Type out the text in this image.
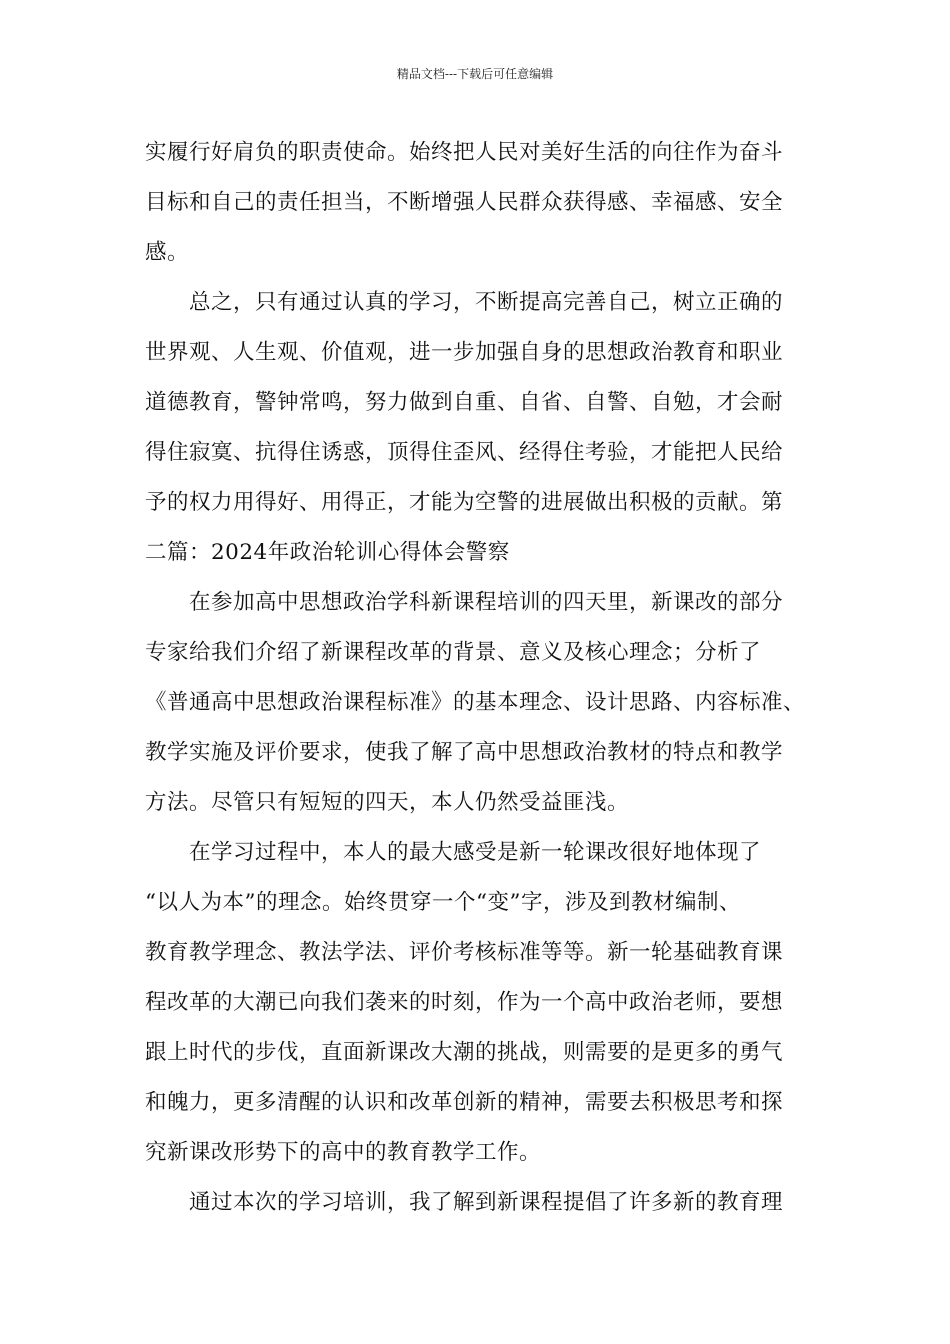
精品文档---下载后可任意编辑
实履行好肩负的职责使命。始终把人民对美好生活的向往作为奋斗
目标和自己的责任担当，不断增强人民群众获得感、幸福感、安全
感。
总之，只有通过认真的学习，不断提高完善自己，树立正确的
世界观、人生观、价值观，进一步加强自身的思想政治教育和职业
道德教育，警钟常鸣，努力做到自重、自省、自警、自勉，才会耐
得住寂寞、抗得住诱惑，顶得住歪风、经得住考验，才能把人民给
予的权力用得好、用得正，才能为空警的进展做出积极的贡献。第
二篇：2024年政治轮训心得体会警察
在参加高中思想政治学科新课程培训的四天里，新课改的部分
专家给我们介绍了新课程改革的背景、意义及核心理念；分析了
《普通高中思想政治课程标准》的基本理念、设计思路、内容标准、
教学实施及评价要求，使我了解了高中思想政治教材的特点和教学
方法。尽管只有短短的四天，本人仍然受益匪浅。
在学习过程中，本人的最大感受是新一轮课改很好地体现了
“以人为本”的理念。始终贯穿一个“变”字，涉及到教材编制、
教育教学理念、教法学法、评价考核标准等等。新一轮基础教育课
程改革的大潮已向我们袭来的时刻，作为一个高中政治老师，要想
跟上时代的步伐，直面新课改大潮的挑战，则需要的是更多的勇气
和魄力，更多清醒的认识和改革创新的精神，需要去积极思考和探
究新课改形势下的高中的教育教学工作。
通过本次的学习培训，我了解到新课程提倡了许多新的教育理
